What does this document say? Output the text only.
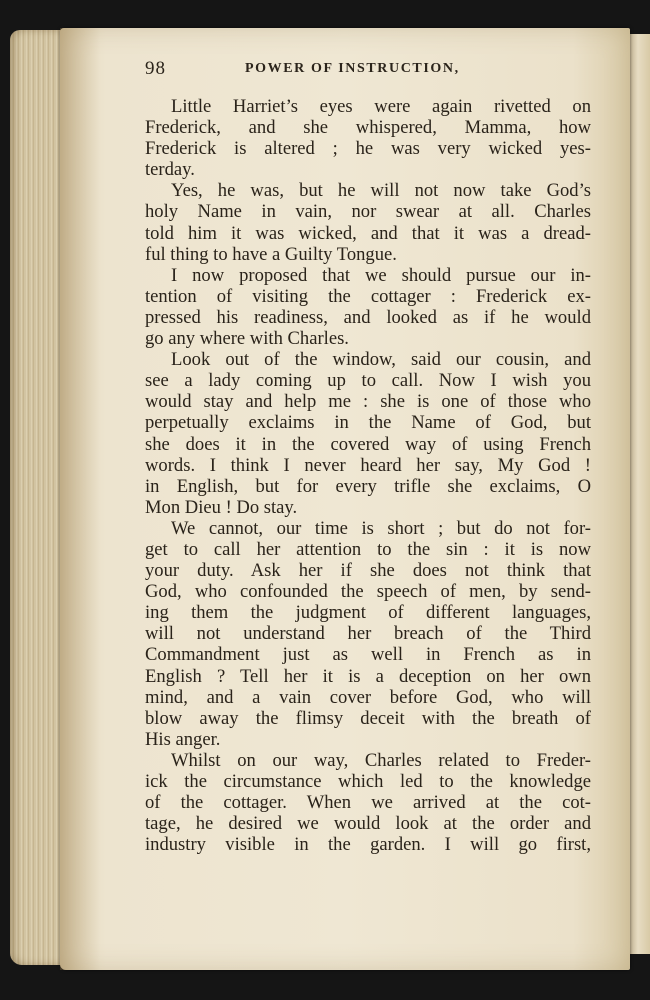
98	POWER OF INSTRUCTION,
Little Harriet’s eyes were again rivetted on
Frederick, and she whispered, Mamma, how
Frederick is altered ; he was very wicked yes-
terday.
Yes, he was, but he will not now take God’s
holy Name in vain, nor swear at all. Charles
told him it was wicked, and that it was a dread-
ful thing to have a Guilty Tongue.
I now proposed that we should pursue our in-
tention of visiting the cottager : Frederick ex-
pressed his readiness, and looked as if he would
go any where with Charles.
Look out of the window, said our cousin, and
see a lady coming up to call. Now I wish you
would stay and help me : she is one of those who
perpetually exclaims in the Name of God, but
she does it in the covered way of using French
words. I think I never heard her say, My God !
in English, but for every trifle she exclaims, O
Mon Dieu ! Do stay.
We cannot, our time is short ; but do not for-
get to call her attention to the sin : it is now
your duty. Ask her if she does not think that
God, who confounded the speech of men, by send-
ing them the judgment of different languages,
will not understand her breach of the Third
Commandment just as well in French as in
English ? Tell her it is a deception on her own
mind, and a vain cover before God, who will
blow away the flimsy deceit with the breath of
His anger.
Whilst on our way, Charles related to Freder-
ick the circumstance which led to the knowledge
of the cottager. When we arrived at the cot-
tage, he desired we would look at the order and
industry visible in the garden. I will go first,
